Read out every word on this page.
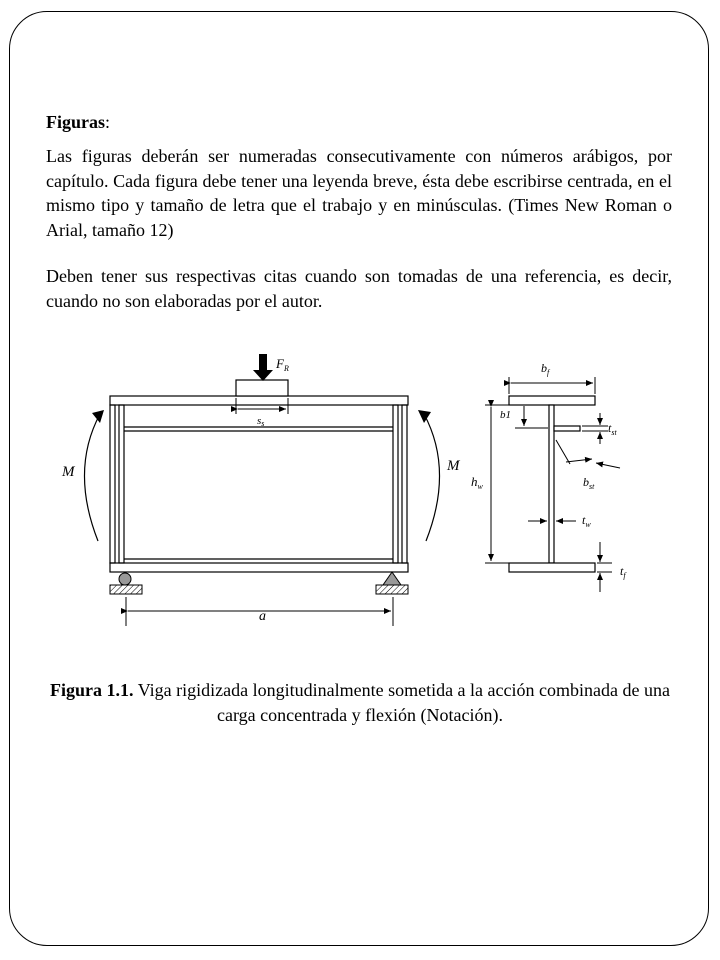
Figuras:

Las figuras deberán ser numeradas consecutivamente con números arábigos, por capítulo. Cada figura debe tener una leyenda breve, ésta debe escribirse centrada, en el mismo tipo y tamaño de letra que el trabajo y en minúsculas. (Times New Roman o Arial, tamaño 12)

Deben tener sus respectivas citas cuando son tomadas de una referencia, es decir, cuando no son elaboradas por el autor.

$F_R$
ss
M	M
a
$b_f$
b1
$t_{st}$
$b_{st}$
$h_w$
$t_w$
$t_f$
Figura 1.1. Viga rigidizada longitudinalmente sometida a la acción combinada de una carga concentrada y flexión (Notación).
